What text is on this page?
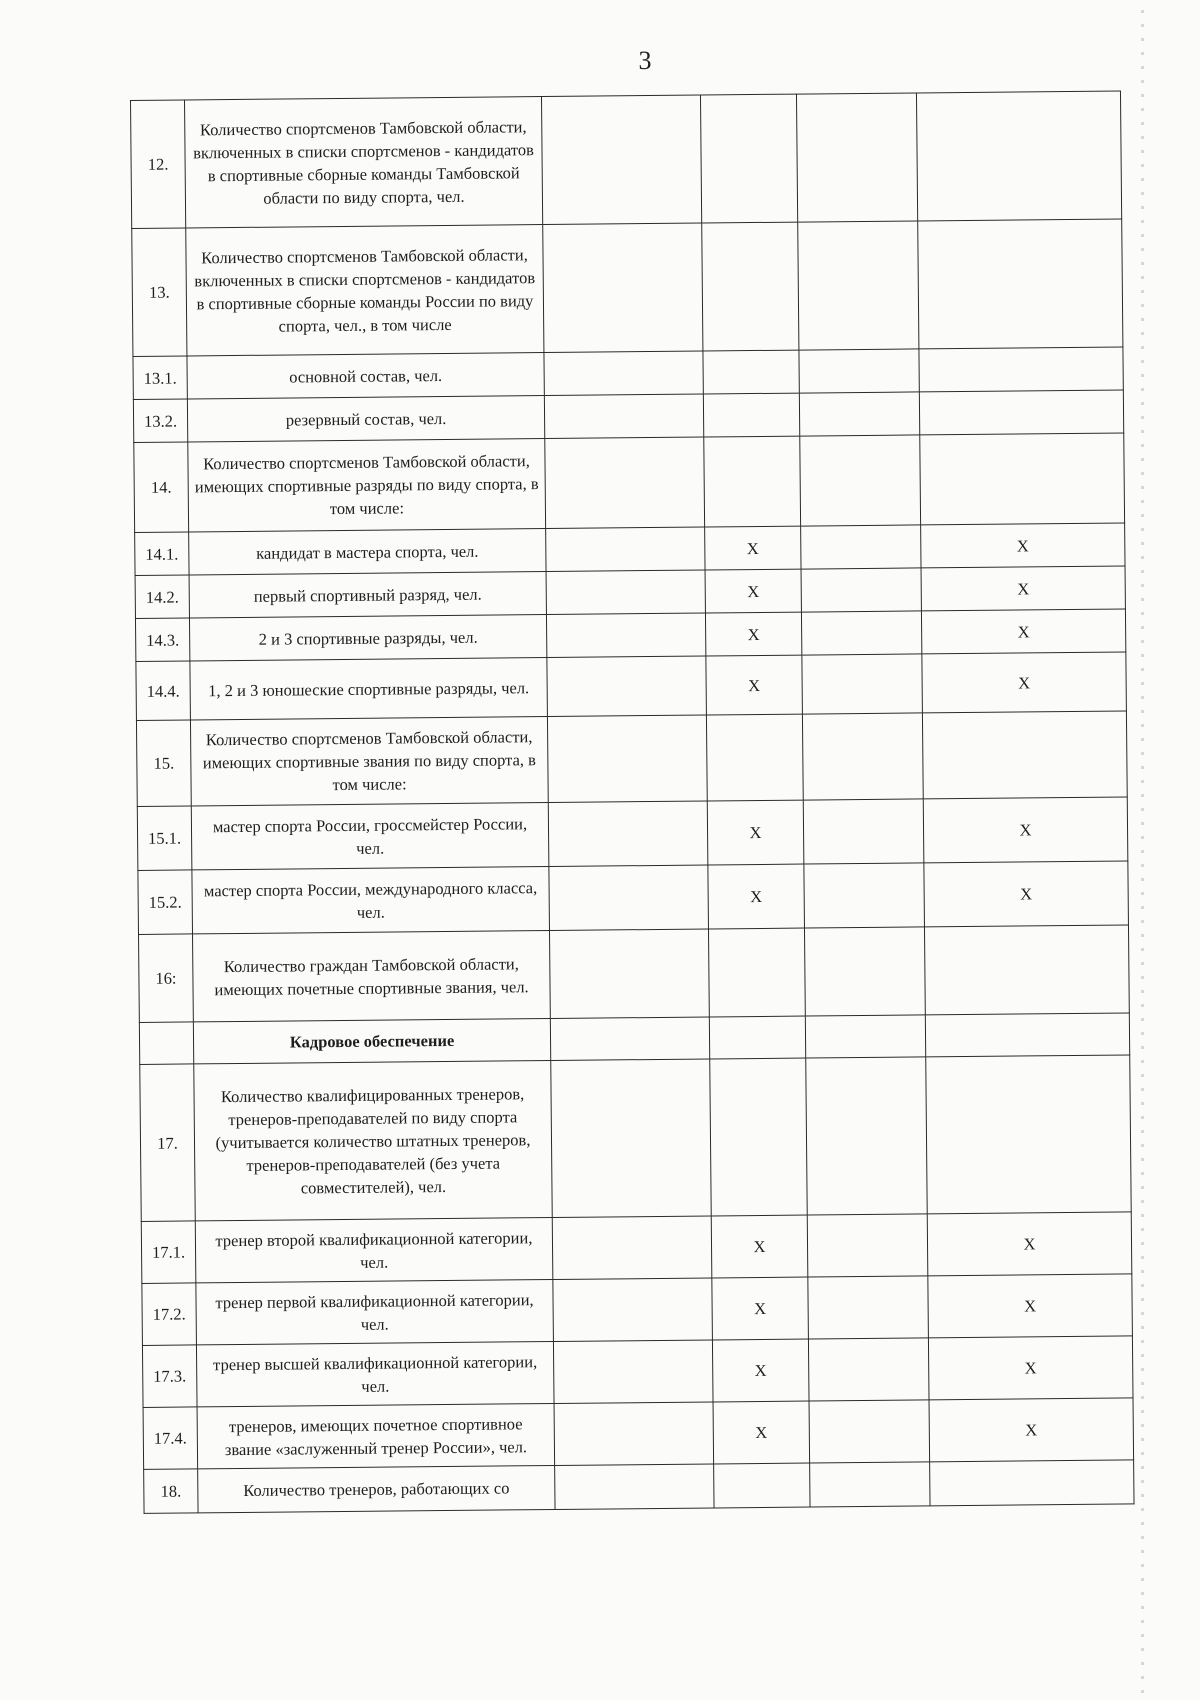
3
12.	Количество спортсменов Тамбовской области, включенных в списки спортсменов - кандидатов в спортивные сборные команды Тамбовской области по виду спорта, чел.				
13.	Количество спортсменов Тамбовской области, включенных в списки спортсменов - кандидатов в спортивные сборные команды России по виду спорта, чел., в том числе				
13.1.	основной состав, чел.				
13.2.	резервный состав, чел.				
14.	Количество спортсменов Тамбовской области, имеющих спортивные разряды по виду спорта, в том числе:				
14.1.	кандидат в мастера спорта, чел.		X		X
14.2.	первый спортивный разряд, чел.		X		X
14.3.	2 и 3 спортивные разряды, чел.		X		X
14.4.	1, 2 и 3 юношеские спортивные разряды, чел.		X		X
15.	Количество спортсменов Тамбовской области, имеющих спортивные звания по виду спорта, в том числе:				
15.1.	мастер спорта России, гроссмейстер России, чел.		X		X
15.2.	мастер спорта России, международного класса, чел.		X		X
16:	Количество граждан Тамбовской области, имеющих почетные спортивные звания, чел.				
	Кадровое обеспечение				
17.	Количество квалифицированных тренеров, тренеров-преподавателей по виду спорта (учитывается количество штатных тренеров, тренеров-преподавателей (без учета совместителей), чел.				
17.1.	тренер второй квалификационной категории, чел.		X		X
17.2.	тренер первой квалификационной категории, чел.		X		X
17.3.	тренер высшей квалификационной категории, чел.		X		X
17.4.	тренеров, имеющих почетное спортивное звание «заслуженный тренер России», чел.		X		X
18.	Количество тренеров, работающих со				
